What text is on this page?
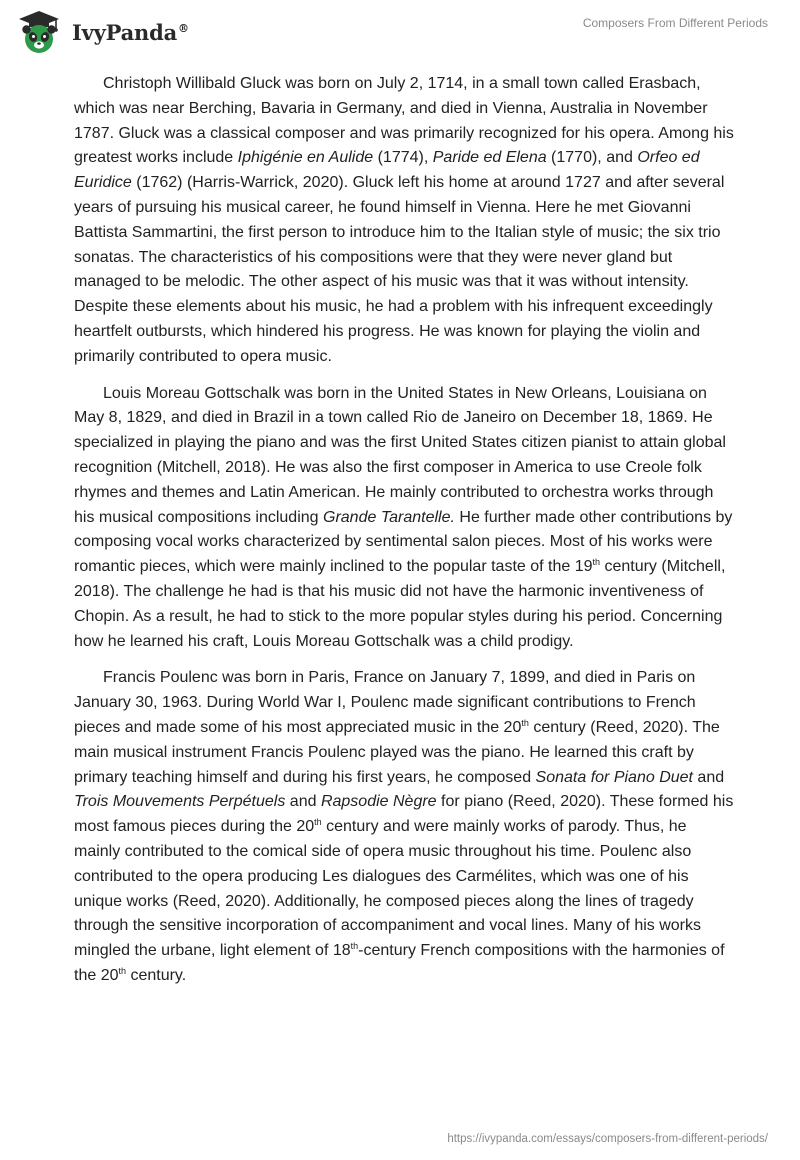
IvyPanda®	Composers From Different Periods

Christoph Willibald Gluck was born on July 2, 1714, in a small town called Erasbach, which was near Berching, Bavaria in Germany, and died in Vienna, Australia in November 1787. Gluck was a classical composer and was primarily recognized for his opera. Among his greatest works include Iphigénie en Aulide (1774), Paride ed Elena (1770), and Orfeo ed Euridice (1762) (Harris-Warrick, 2020). Gluck left his home at around 1727 and after several years of pursuing his musical career, he found himself in Vienna. Here he met Giovanni Battista Sammartini, the first person to introduce him to the Italian style of music; the six trio sonatas. The characteristics of his compositions were that they were never gland but managed to be melodic. The other aspect of his music was that it was without intensity. Despite these elements about his music, he had a problem with his infrequent exceedingly heartfelt outbursts, which hindered his progress. He was known for playing the violin and primarily contributed to opera music.

Louis Moreau Gottschalk was born in the United States in New Orleans, Louisiana on May 8, 1829, and died in Brazil in a town called Rio de Janeiro on December 18, 1869. He specialized in playing the piano and was the first United States citizen pianist to attain global recognition (Mitchell, 2018). He was also the first composer in America to use Creole folk rhymes and themes and Latin American. He mainly contributed to orchestra works through his musical compositions including Grande Tarantelle. He further made other contributions by composing vocal works characterized by sentimental salon pieces. Most of his works were romantic pieces, which were mainly inclined to the popular taste of the 19th century (Mitchell, 2018). The challenge he had is that his music did not have the harmonic inventiveness of Chopin. As a result, he had to stick to the more popular styles during his period. Concerning how he learned his craft, Louis Moreau Gottschalk was a child prodigy.

Francis Poulenc was born in Paris, France on January 7, 1899, and died in Paris on January 30, 1963. During World War I, Poulenc made significant contributions to French pieces and made some of his most appreciated music in the 20th century (Reed, 2020). The main musical instrument Francis Poulenc played was the piano. He learned this craft by primary teaching himself and during his first years, he composed Sonata for Piano Duet and Trois Mouvements Perpétuels and Rapsodie Nègre for piano (Reed, 2020). These formed his most famous pieces during the 20th century and were mainly works of parody. Thus, he mainly contributed to the comical side of opera music throughout his time. Poulenc also contributed to the opera producing Les dialogues des Carmélites, which was one of his unique works (Reed, 2020). Additionally, he composed pieces along the lines of tragedy through the sensitive incorporation of accompaniment and vocal lines. Many of his works mingled the urbane, light element of 18th-century French compositions with the harmonies of the 20th century.

https://ivypanda.com/essays/composers-from-different-periods/
